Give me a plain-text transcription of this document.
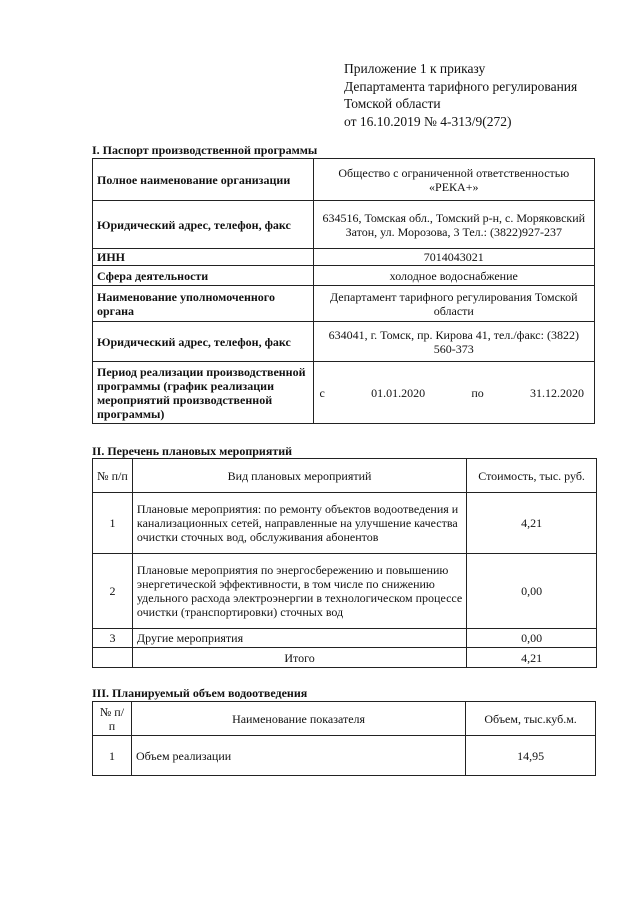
Приложение 1 к приказу
Департамента тарифного регулирования
Томской области
от 16.10.2019 № 4-313/9(272)
I. Паспорт производственной программы
Полное наименование организации	Общество с ограниченной ответственностью «РЕКА+»
Юридический адрес, телефон, факс	634516, Томская обл., Томский р-н, с. Моряковский Затон, ул. Морозова, 3 Тел.: (3822)927-237
ИНН	7014043021
Сфера деятельности	холодное водоснабжение
Наименование уполномоченного органа	Департамент тарифного регулирования Томской области
Юридический адрес, телефон, факс	634041, г. Томск, пр. Кирова 41, тел./факс: (3822) 560-373
Период реализации производственной программы (график реализации мероприятий производственной программы)	с 01.01.2020 по 31.12.2020
II. Перечень плановых мероприятий
№ п/п	Вид плановых мероприятий	Стоимость, тыс. руб.
1	Плановые мероприятия: по ремонту объектов водоотведения и канализационных сетей, направленные на улучшение качества очистки сточных вод, обслуживания абонентов	4,21
2	Плановые мероприятия по энергосбережению и повышению энергетической эффективности, в том числе по снижению удельного расхода электроэнергии в технологическом процессе очистки (транспортировки) сточных вод	0,00
3	Другие мероприятия	0,00
	Итого	4,21
III. Планируемый объем водоотведения
№ п/п	Наименование показателя	Объем, тыс.куб.м.
1	Объем реализации	14,95
